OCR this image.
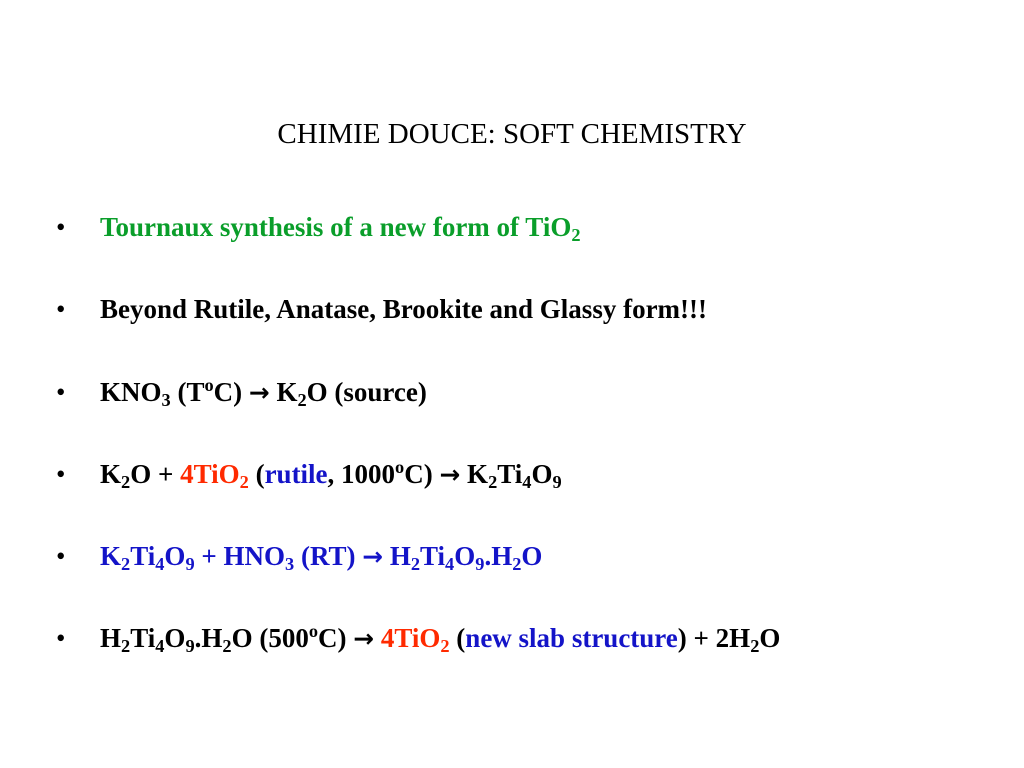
CHIMIE DOUCE: SOFT CHEMISTRY
• Tournaux synthesis of a new form of TiO$_2$
• Beyond Rutile, Anatase, Brookite and Glassy form!!!
• $KNO_3$ $(T^oC) \to K_2O$ (source)
• $K_2O + 4TiO_2$ (rutile, $1000^oC) \to K_2Ti_4O_9$
• $K_2Ti_4O_9 + HNO_3$ $(RT) \to H_2Ti_4O_9.H_2O$
• $H_2Ti_4O_9.H_2O$ $(500^oC) \to 4TiO_2$ (new slab structure) + $2H_2O$
